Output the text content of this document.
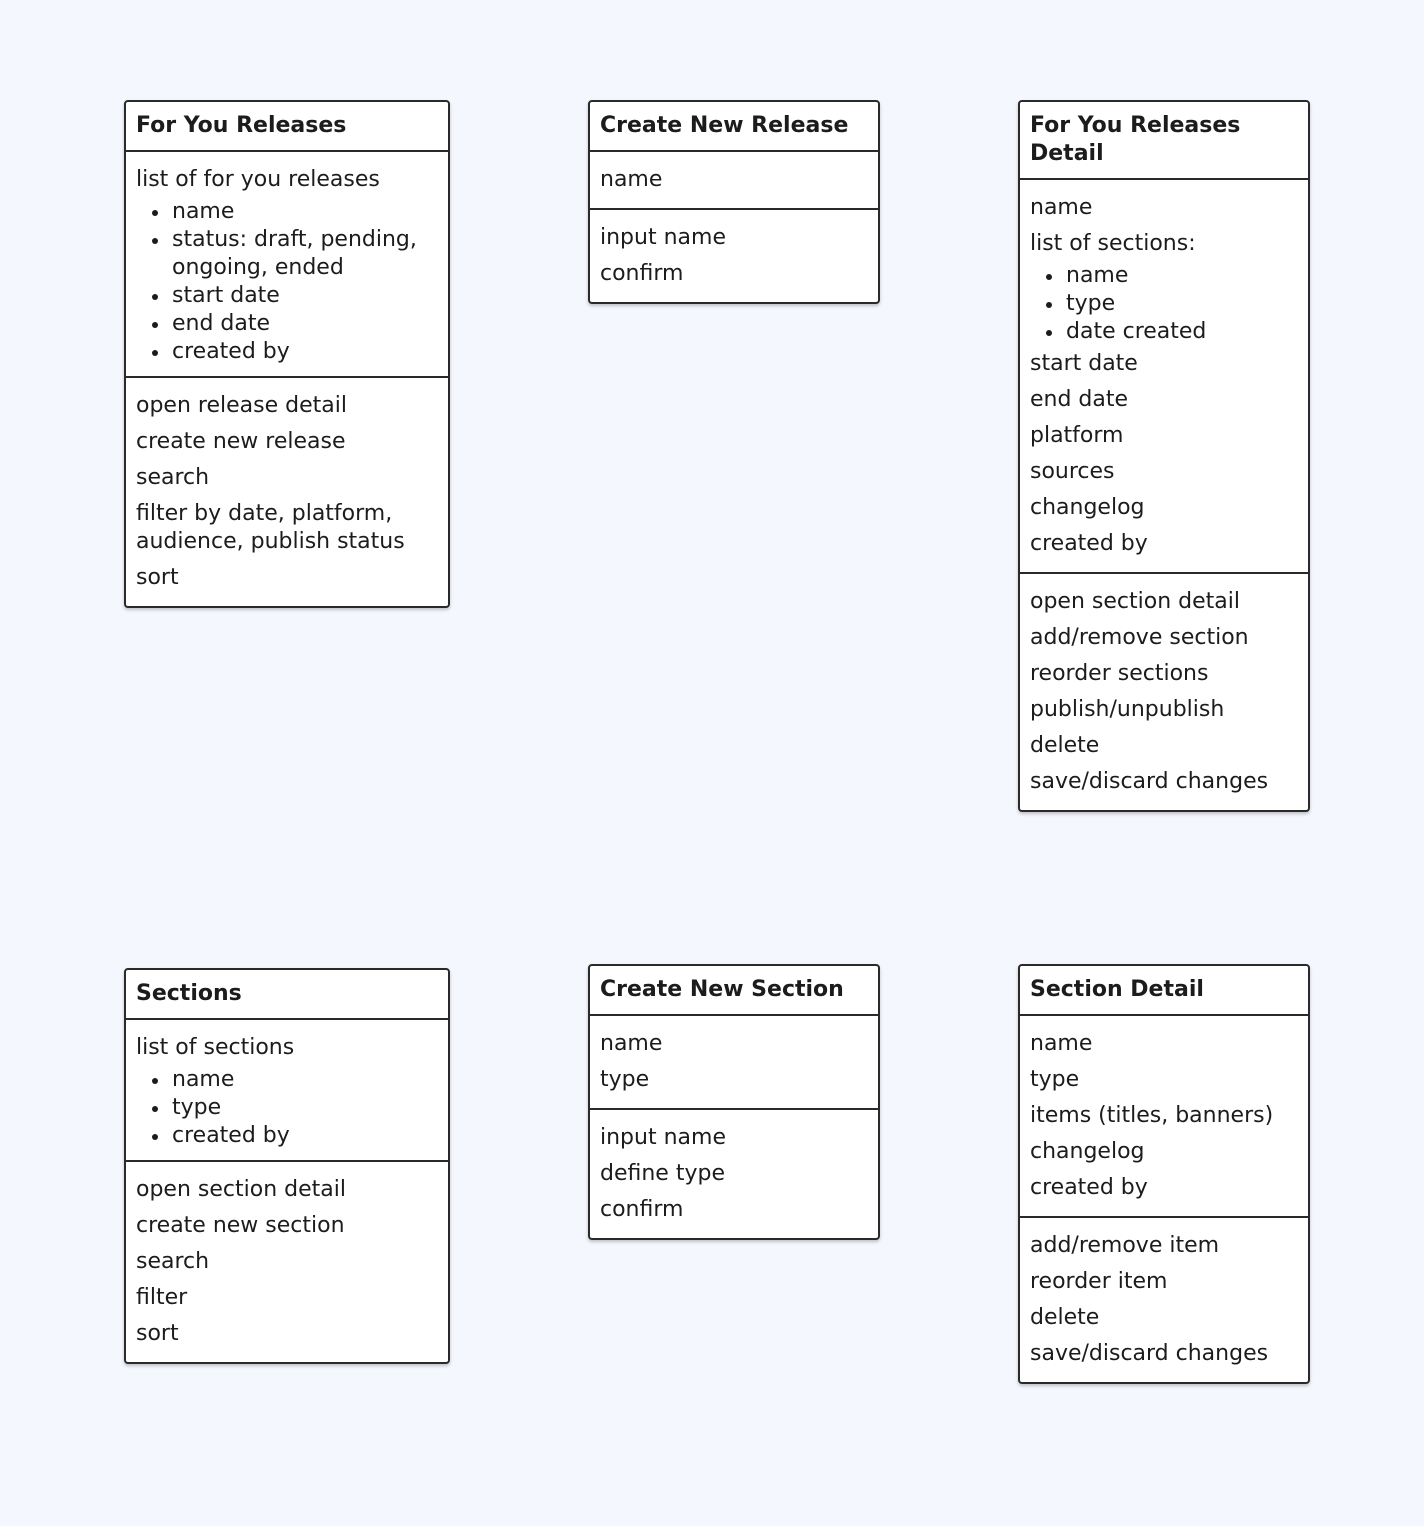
For You Releases
list of for you releases
name
status: draft, pending, ongoing, ended
start date
end date
created by
open release detail
create new release
search
filter by date, platform, audience, publish status
sort
Create New Release
name
input name
confirm
For You Releases Detail
name
list of sections:
name
type
date created
start date
end date
platform
sources
changelog
created by
open section detail
add/remove section
reorder sections
publish/unpublish
delete
save/discard changes
Sections
list of sections
name
type
created by
open section detail
create new section
search
filter
sort
Create New Section
name
type
input name
define type
confirm
Section Detail
name
type
items (titles, banners)
changelog
created by
add/remove item
reorder item
delete
save/discard changes
